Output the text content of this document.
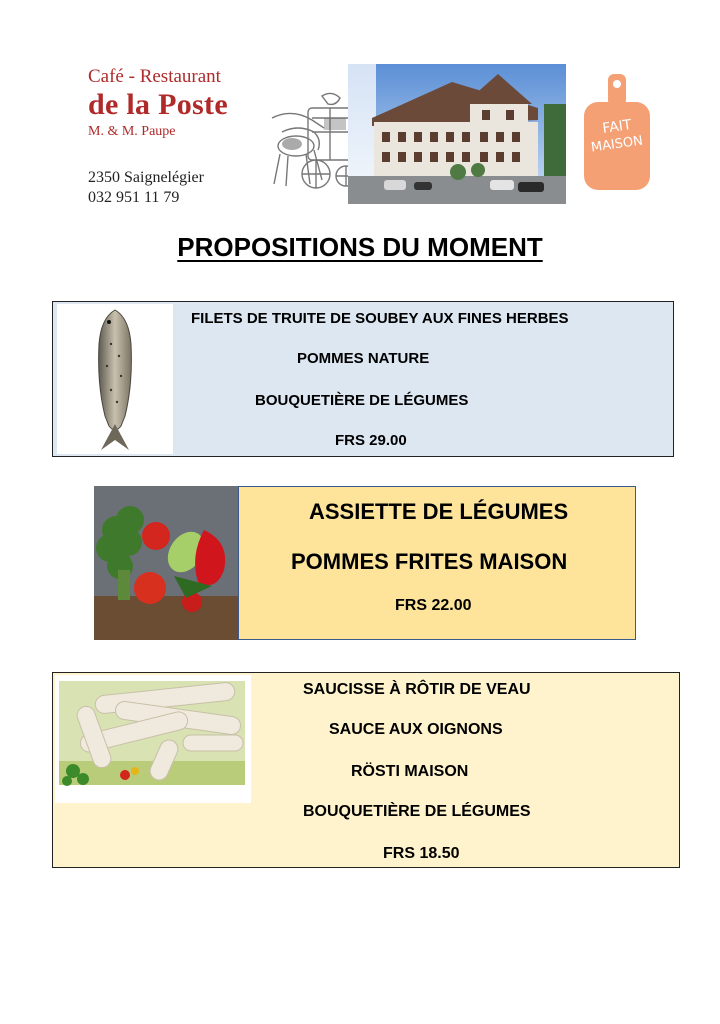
Café - Restaurant
de la Poste
M. & M. Paupe
2350 Saignelégier
032 951 11 79
FAIT
MAISON
PROPOSITIONS DU MOMENT
FILETS DE TRUITE DE SOUBEY AUX FINES HERBES
POMMES NATURE
BOUQUETIÈRE DE LÉGUMES
FRS 29.00
ASSIETTE DE LÉGUMES
POMMES FRITES MAISON
FRS 22.00
SAUCISSE À RÔTIR DE VEAU
SAUCE AUX OIGNONS
RÖSTI MAISON
BOUQUETIÈRE DE LÉGUMES
FRS 18.50
